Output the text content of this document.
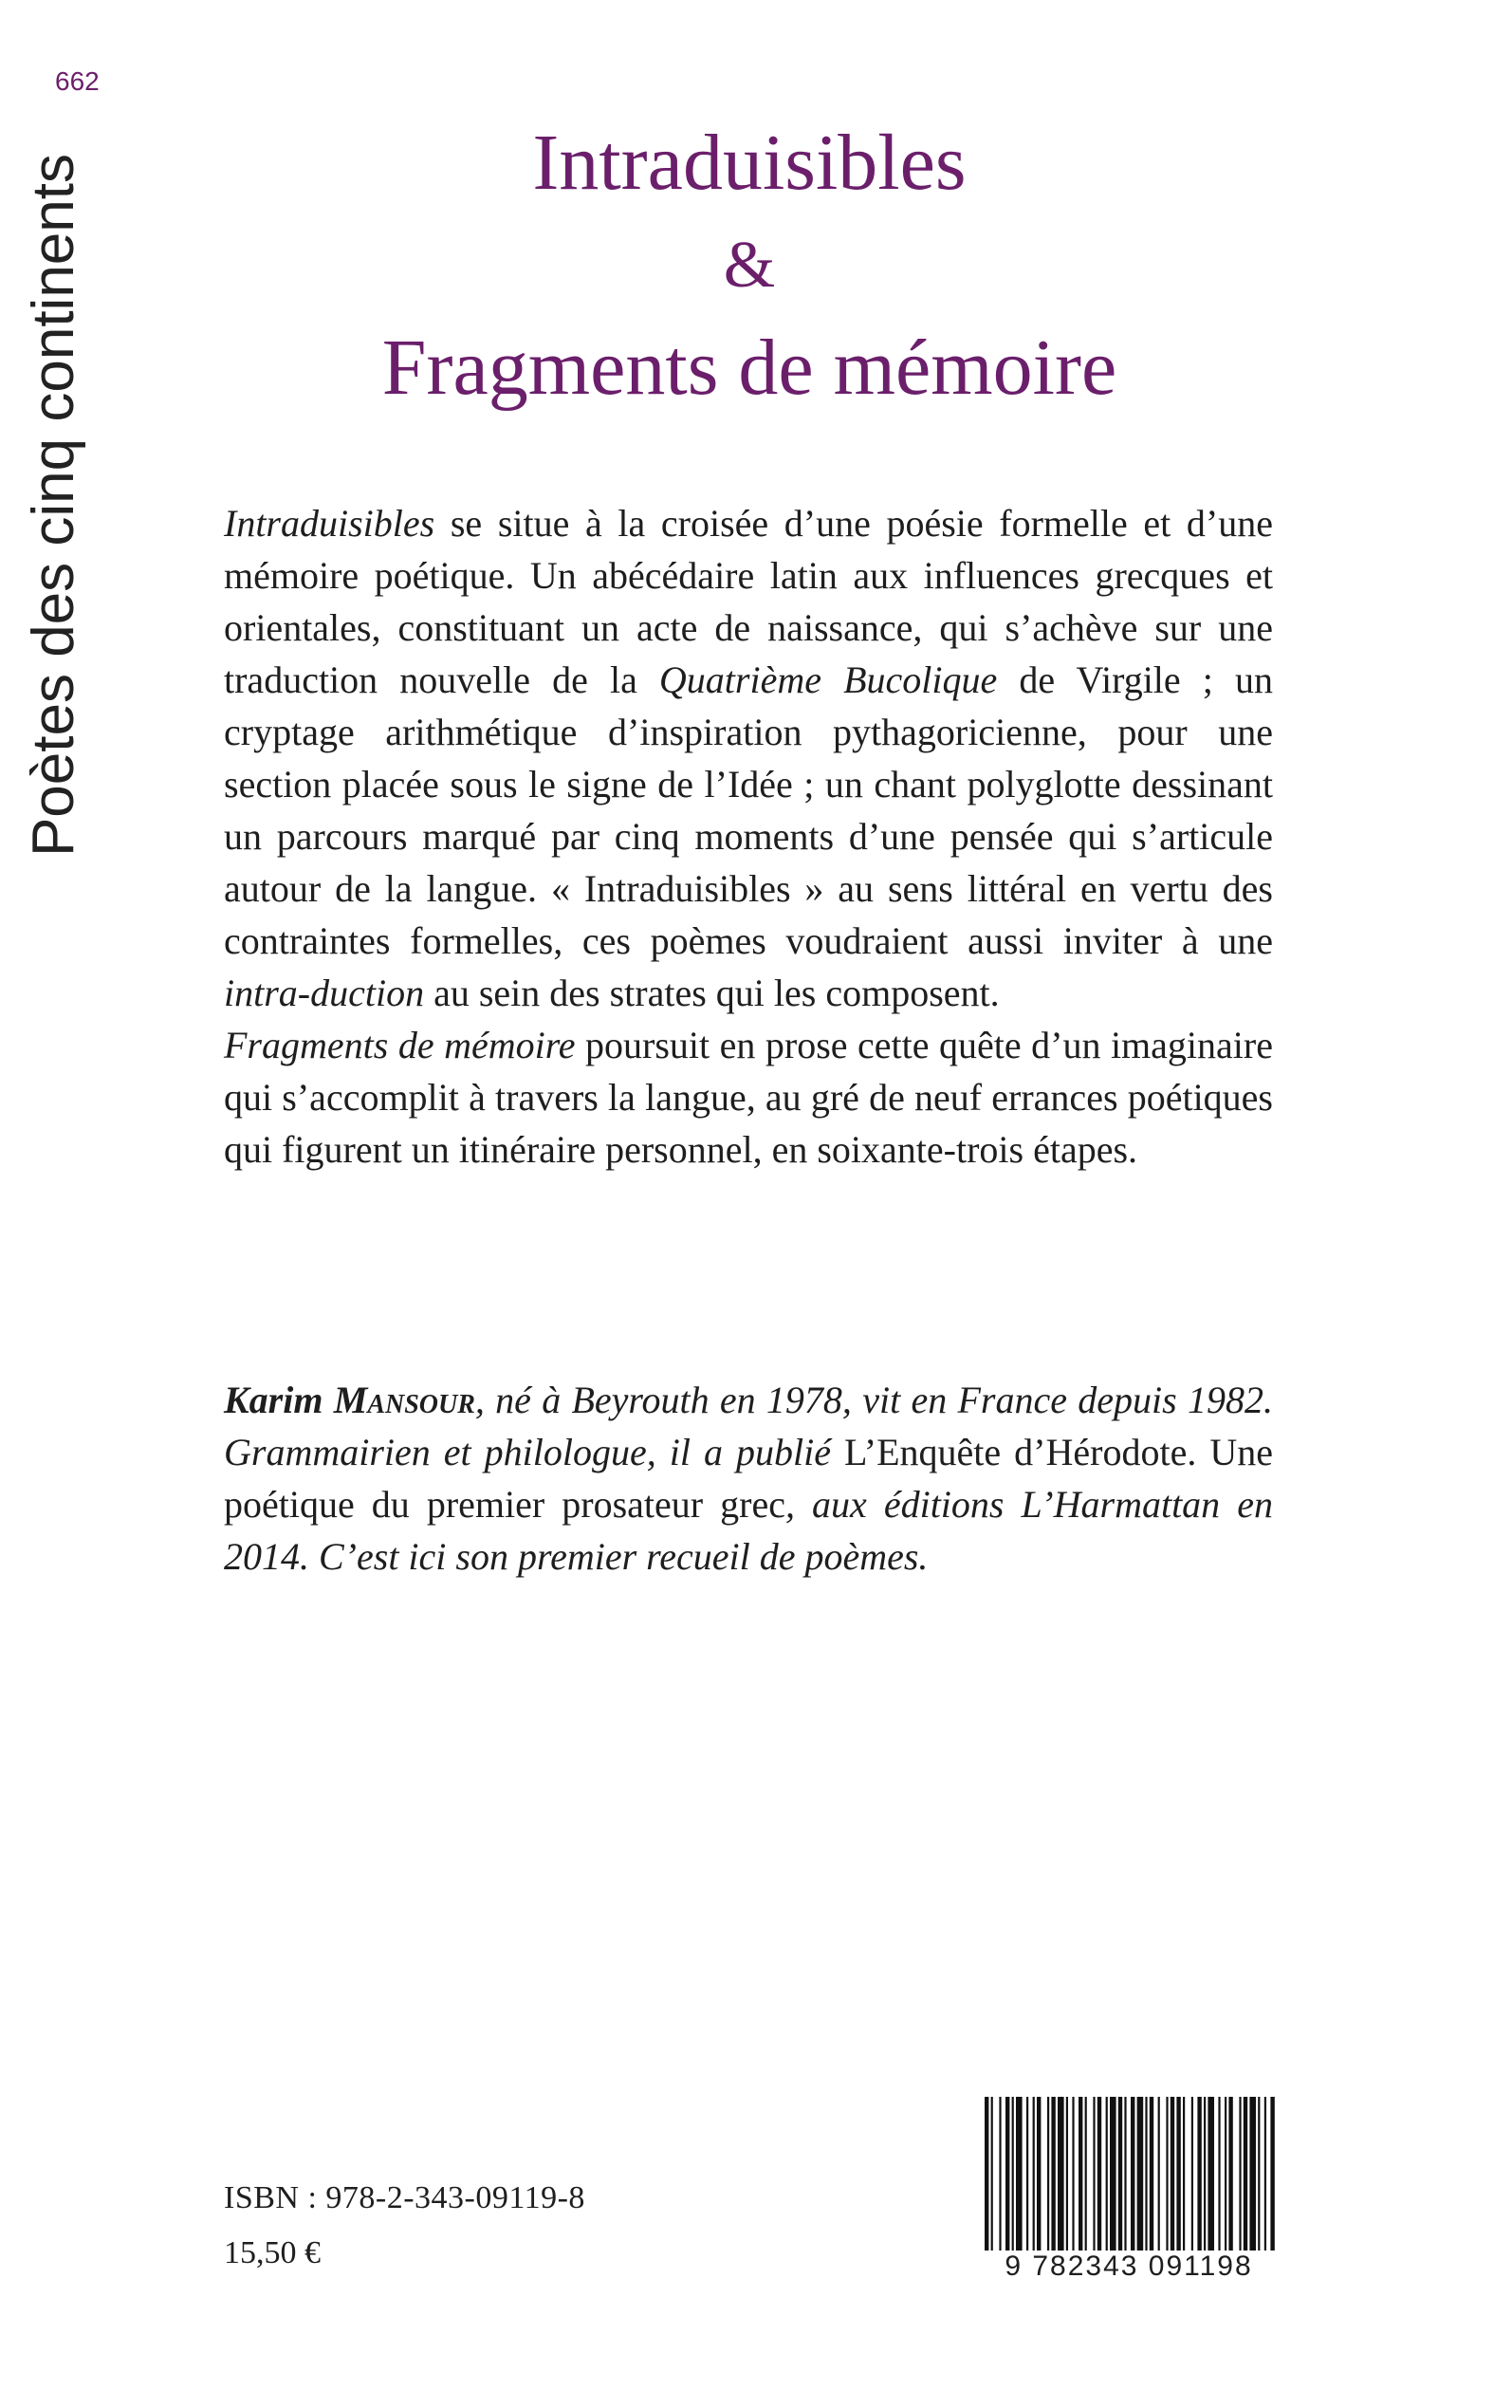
662
Poètes des cinq continents	Intraduisibles
&
Fragments de mémoire

Intraduisibles se situe à la croisée d’une poésie formelle et d’une mémoire poétique. Un abécédaire latin aux influences grecques et orientales, constituant un acte de naissance, qui s’achève sur une traduction nouvelle de la Quatrième Bucolique de Virgile ; un cryptage arithmétique d’inspiration pythagoricienne, pour une section placée sous le signe de l’Idée ; un chant polyglotte dessinant un parcours marqué par cinq moments d’une pensée qui s’articule autour de la langue. « Intraduisibles » au sens littéral en vertu des contraintes formelles, ces poèmes voudraient aussi inviter à une intra-duction au sein des strates qui les composent.

Fragments de mémoire poursuit en prose cette quête d’un imaginaire qui s’accomplit à travers la langue, au gré de neuf errances poétiques qui figurent un itinéraire personnel, en soixante-trois étapes.

Karim Mansour, né à Beyrouth en 1978, vit en France depuis 1982. Grammairien et philologue, il a publié L’Enquête d’Hérodote. Une poétique du premier prosateur grec, aux éditions L’Harmattan en 2014. C’est ici son premier recueil de poèmes.

ISBN : 978-2-343-09119-8
15,50 €	9 782343 091198
